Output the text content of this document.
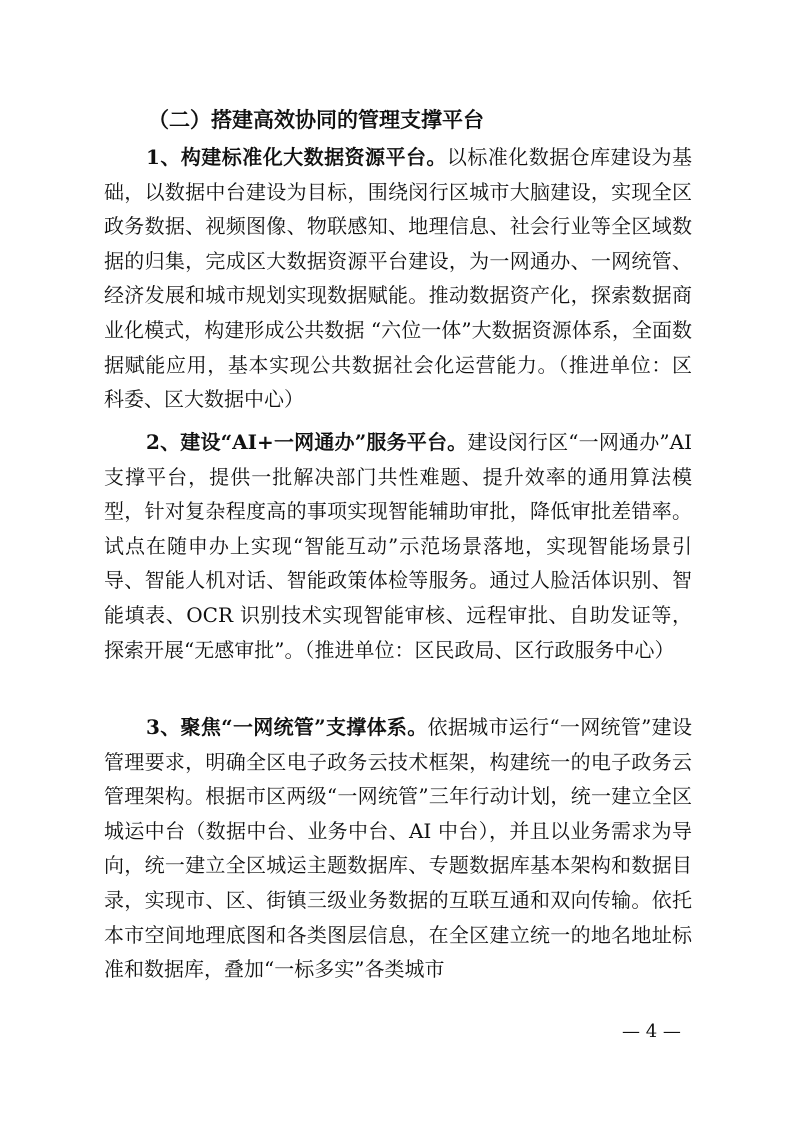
（二）搭建高效协同的管理支撑平台

1、构建标准化大数据资源平台。以标准化数据仓库建设为基础，以数据中台建设为目标，围绕闵行区城市大脑建设，实现全区政务数据、视频图像、物联感知、地理信息、社会行业等全区域数据的归集，完成区大数据资源平台建设，为一网通办、一网统管、经济发展和城市规划实现数据赋能。推动数据资产化，探索数据商业化模式，构建形成公共数据 “六位一体”大数据资源体系，全面数据赋能应用，基本实现公共数据社会化运营能力。（推进单位：区科委、区大数据中心）

2、建设“AI+一网通办”服务平台。建设闵行区“一网通办”AI 支撑平台，提供一批解决部门共性难题、提升效率的通用算法模型，针对复杂程度高的事项实现智能辅助审批，降低审批差错率。试点在随申办上实现“智能互动”示范场景落地，实现智能场景引导、智能人机对话、智能政策体检等服务。通过人脸活体识别、智能填表、OCR 识别技术实现智能审核、远程审批、自助发证等，探索开展“无感审批”。（推进单位：区民政局、区行政服务中心）

3、聚焦“一网统管”支撑体系。依据城市运行“一网统管”建设管理要求，明确全区电子政务云技术框架，构建统一的电子政务云管理架构。根据市区两级“一网统管”三年行动计划，统一建立全区城运中台（数据中台、业务中台、AI 中台），并且以业务需求为导向，统一建立全区城运主题数据库、专题数据库基本架构和数据目录，实现市、区、街镇三级业务数据的互联互通和双向传输。依托本市空间地理底图和各类图层信息，在全区建立统一的地名地址标准和数据库，叠加“一标多实”各类城市

— 4 —
